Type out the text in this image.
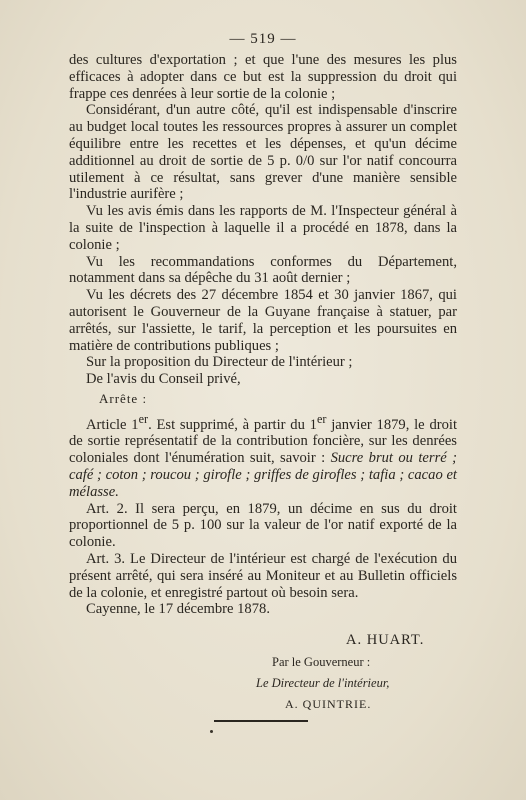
— 519 —

des cultures d'exportation ; et que l'une des mesures les plus efficaces à adopter dans ce but est la suppression du droit qui frappe ces denrées à leur sortie de la colonie ;

Considérant, d'un autre côté, qu'il est indispensable d'inscrire au budget local toutes les ressources propres à assurer un complet équilibre entre les recettes et les dépenses, et qu'un décime additionnel au droit de sortie de 5 p. 0/0 sur l'or natif concourra utilement à ce résultat, sans grever d'une manière sensible l'industrie aurifère ;

Vu les avis émis dans les rapports de M. l'Inspecteur général à la suite de l'inspection à laquelle il a procédé en 1878, dans la colonie ;

Vu les recommandations conformes du Département, notamment dans sa dépêche du 31 août dernier ;

Vu les décrets des 27 décembre 1854 et 30 janvier 1867, qui autorisent le Gouverneur de la Guyane française à statuer, par arrêtés, sur l'assiette, le tarif, la perception et les poursuites en matière de contributions publiques ;

Sur la proposition du Directeur de l'intérieur ;

De l'avis du Conseil privé,

Arrête :

Article 1er. Est supprimé, à partir du 1er janvier 1879, le droit de sortie représentatif de la contribution foncière, sur les denrées coloniales dont l'énumération suit, savoir : Sucre brut ou terré ; café ; coton ; roucou ; girofle ; griffes de girofles ; tafia ; cacao et mélasse.

Art. 2. Il sera perçu, en 1879, un décime en sus du droit proportionnel de 5 p. 100 sur la valeur de l'or natif exporté de la colonie.

Art. 3. Le Directeur de l'intérieur est chargé de l'exécution du présent arrêté, qui sera inséré au Moniteur et au Bulletin officiels de la colonie, et enregistré partout où besoin sera.

Cayenne, le 17 décembre 1878.

A. HUART.
Par le Gouverneur :
Le Directeur de l'intérieur,
A. QUINTRIE.
